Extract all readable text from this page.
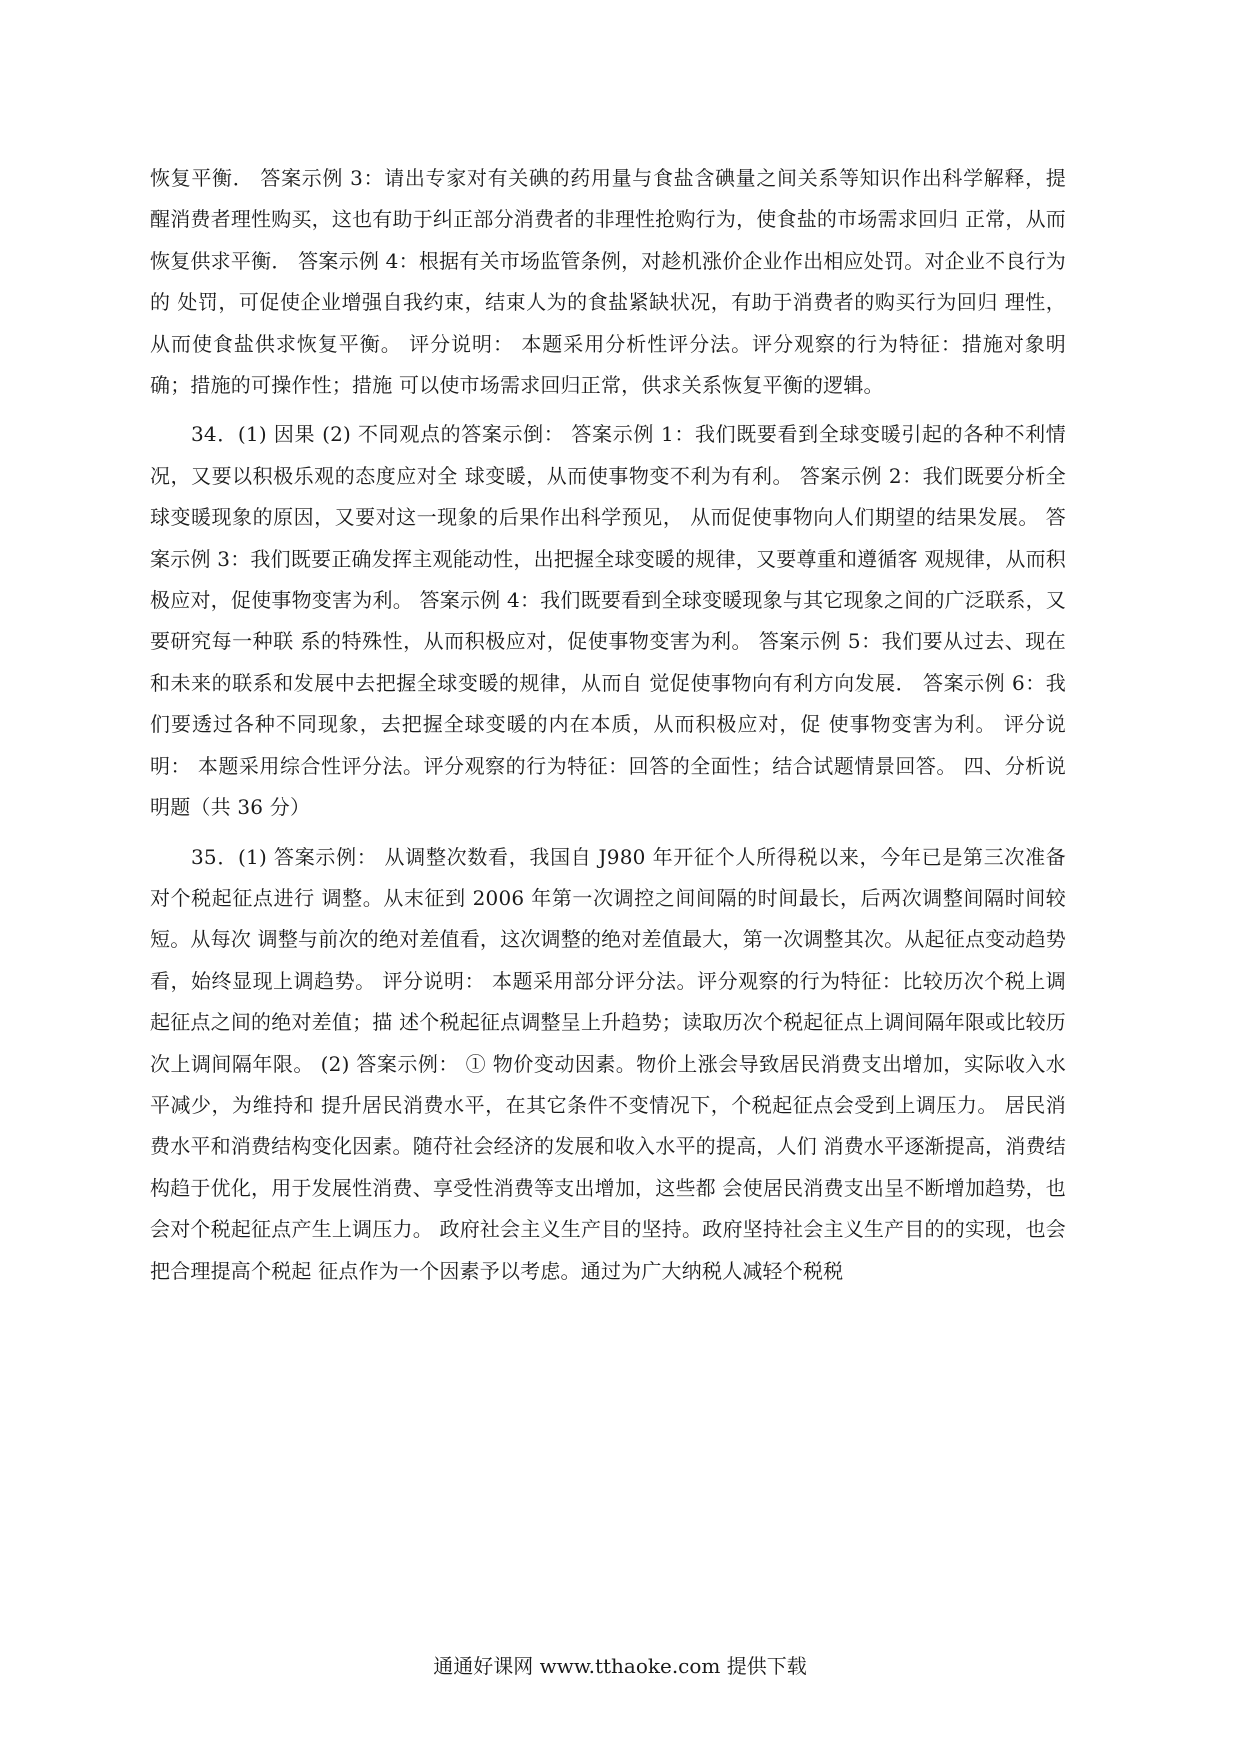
恢复平衡． 答案示例 3：请出专家对有关碘的药用量与食盐含碘量之间关系等知识作出科学解释，提 醒消费者理性购买，这也有助于纠正部分消费者的非理性抢购行为，使食盐的市场需求回归 正常，从而恢复供求平衡． 答案示例 4：根据有关市场监管条例，对趁机涨价企业作出相应处罚。对企业不良行为的 处罚，可促使企业增强自我约束，结束人为的食盐紧缺状况，有助于消费者的购买行为回归 理性，从而使食盐供求恢复平衡。 评分说明： 本题采用分析性评分法。评分观察的行为特征：措施对象明确；措施的可操作性；措施 可以使市场需求回归正常，供求关系恢复平衡的逻辑。

34．(1) 因果 (2) 不同观点的答案示倒： 答案示例 1：我们既要看到全球变暖引起的各种不利情况，又要以积极乐观的态度应对全 球变暖，从而使事物变不利为有利。 答案示例 2：我们既要分析全球变暖现象的原因，又要对这一现象的后果作出科学预见， 从而促使事物向人们期望的结果发展。 答案示例 3：我们既要正确发挥主观能动性，出把握全球变暖的规律，又要尊重和遵循客 观规律，从而积极应对，促使事物变害为利。 答案示例 4：我们既要看到全球变暖现象与其它现象之间的广泛联系，又要研究每一种联 系的特殊性，从而积极应对，促使事物变害为利。 答案示例 5：我们要从过去、现在和未来的联系和发展中去把握全球变暖的规律，从而自 觉促使事物向有利方向发展． 答案示例 6：我们要透过各种不同现象，去把握全球变暖的内在本质，从而积极应对，促 使事物变害为利。 评分说明： 本题采用综合性评分法。评分观察的行为特征：回答的全面性；结合试题情景回答。 四、分析说明题（共 36 分）

35．(1) 答案示例： 从调整次数看，我国自 J980 年开征个人所得税以来，今年已是第三次准备对个税起征点进行 调整。从末征到 2006 年第一次调控之间间隔的时间最长，后两次调整间隔时间较短。从每次 调整与前次的绝对差值看，这次调整的绝对差值最大，第一次调整其次。从起征点变动趋势 看，始终显现上调趋势。 评分说明： 本题采用部分评分法。评分观察的行为特征：比较历次个税上调起征点之间的绝对差值；描 述个税起征点调整呈上升趋势；读取历次个税起征点上调间隔年限或比较历次上调间隔年限。 (2) 答案示例： ① 物价变动因素。物价上涨会导致居民消费支出增加，实际收入水平减少，为维持和 提升居民消费水平，在其它条件不变情况下，个税起征点会受到上调压力。 居民消费水平和消费结构变化因素。随苻社会经济的发展和收入水平的提高，人们 消费水平逐渐提高，消费结构趋于优化，用于发展性消费、享受性消费等支出增加，这些都 会使居民消费支出呈不断增加趋势，也会对个税起征点产生上调压力。 政府社会主义生产目的坚持。政府坚持社会主义生产目的的实现，也会把合理提高个税起 征点作为一个因素予以考虑。通过为广大纳税人减轻个税税

通通好课网 www.tthaoke.com 提供下载
